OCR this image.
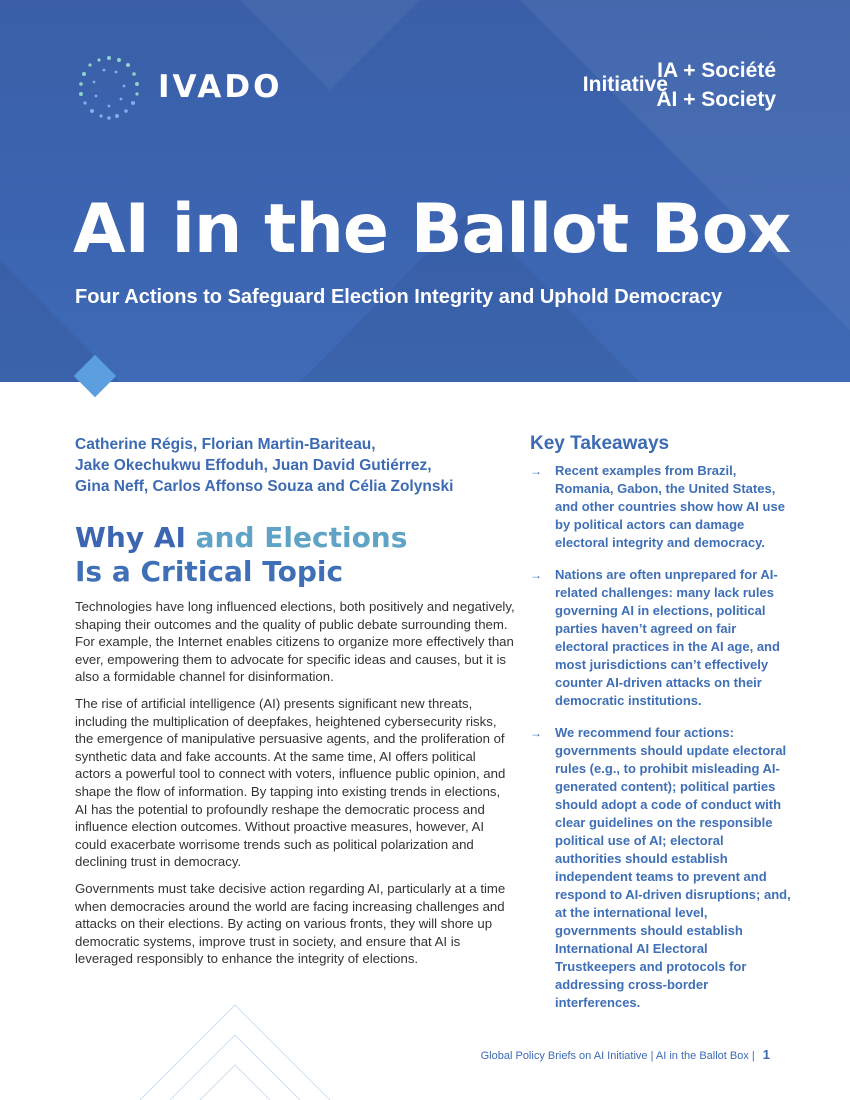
IVADO	Initiative
IA + Société
AI + Society
AI in the Ballot Box
Four Actions to Safeguard Election Integrity and Uphold Democracy

Catherine Régis, Florian Martin-Bariteau,
Jake Okechukwu Effoduh, Juan David Gutiérrez,
Gina Neff, Carlos Affonso Souza and Célia Zolynski

Why AI and Elections
Is a Critical Topic

Technologies have long influenced elections, both positively and negatively, shaping their outcomes and the quality of public debate surrounding them. For example, the Internet enables citizens to organize more effectively than ever, empowering them to advocate for specific ideas and causes, but it is also a formidable channel for disinformation.

The rise of artificial intelligence (AI) presents significant new threats, including the multiplication of deepfakes, heightened cybersecurity risks, the emergence of manipulative persuasive agents, and the proliferation of synthetic data and fake accounts. At the same time, AI offers political actors a powerful tool to connect with voters, influence public opinion, and shape the flow of information. By tapping into existing trends in elections, AI has the potential to profoundly reshape the democratic process and influence election outcomes. Without proactive measures, however, AI could exacerbate worrisome trends such as political polarization and declining trust in democracy.

Governments must take decisive action regarding AI, particularly at a time when democracies around the world are facing increasing challenges and attacks on their elections. By acting on various fronts, they will shore up democratic systems, improve trust in society, and ensure that AI is leveraged responsibly to enhance the integrity of elections.

Key Takeaways
→	Recent examples from Brazil, Romania, Gabon, the United States, and other countries show how AI use by political actors can damage electoral integrity and democracy.
→	Nations are often unprepared for AI-related challenges: many lack rules governing AI in elections, political parties haven’t agreed on fair electoral practices in the AI age, and most jurisdictions can’t effectively counter AI-driven attacks on their democratic institutions.
→	We recommend four actions: governments should update electoral rules (e.g., to prohibit misleading AI-generated content); political parties should adopt a code of conduct with clear guidelines on the responsible political use of AI; electoral authorities should establish independent teams to prevent and respond to AI-driven disruptions; and, at the international level, governments should establish International AI Electoral Trustkeepers and protocols for addressing cross-border interferences.
Global Policy Briefs on AI Initiative | AI in the Ballot Box | 1
